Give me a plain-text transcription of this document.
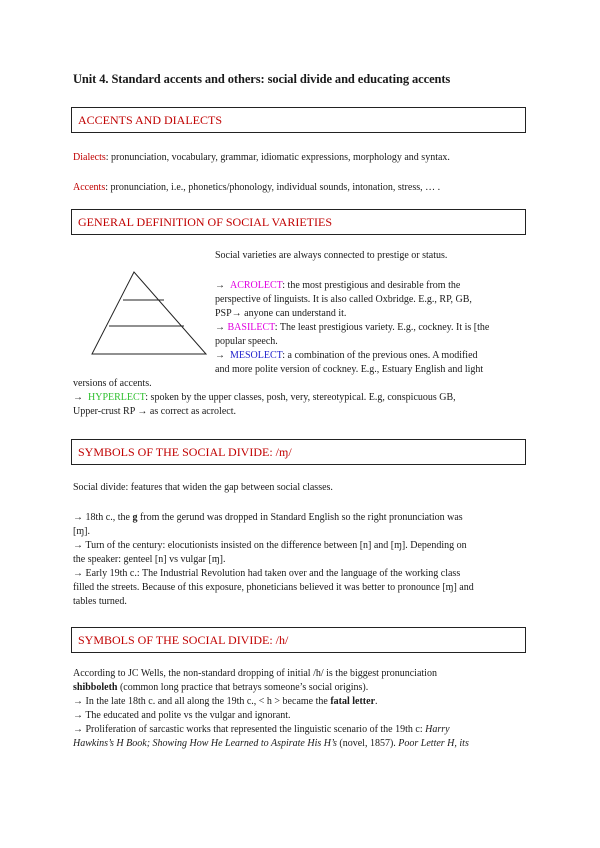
Unit 4. Standard accents and others: social divide and educating accents
ACCENTS AND DIALECTS
Dialects: pronunciation, vocabulary, grammar, idiomatic expressions, morphology and syntax.
Accents: pronunciation, i.e., phonetics/phonology, individual sounds, intonation, stress, … .
GENERAL DEFINITION OF SOCIAL VARIETIES
Social varieties are always connected to prestige or status.
→ ACROLECT: the most prestigious and desirable from the
perspective of linguists. It is also called Oxbridge. E.g., RP, GB,
PSP→ anyone can understand it.
→ BASILECT: The least prestigious variety. E.g., cockney. It is [the
popular speech.
→ MESOLECT: a combination of the previous ones. A modified
and more polite version of cockney. E.g., Estuary English and light
versions of accents.
→ HYPERLECT: spoken by the upper classes, posh, very, stereotypical. E.g, conspicuous GB,
Upper-crust RP → as correct as acrolect.
SYMBOLS OF THE SOCIAL DIVIDE: /ɱ/
Social divide: features that widen the gap between social classes.
→ 18th c., the g from the gerund was dropped in Standard English so the right pronunciation was
[ɱ].
→ Turn of the century: elocutionists insisted on the difference between [n] and [ɱ]. Depending on
the speaker: genteel [n] vs vulgar [ɱ].
→ Early 19th c.: The Industrial Revolution had taken over and the language of the working class
filled the streets. Because of this exposure, phoneticians believed it was better to pronounce [ɱ] and
tables turned.
SYMBOLS OF THE SOCIAL DIVIDE: /h/
According to JC Wells, the non-standard dropping of initial /h/ is the biggest pronunciation
shibboleth (common long practice that betrays someone’s social origins).
→ In the late 18th c. and all along the 19th c., < h > became the fatal letter.
→ The educated and polite vs the vulgar and ignorant.
→ Proliferation of sarcastic works that represented the linguistic scenario of the 19th c: Harry
Hawkins’s H Book; Showing How He Learned to Aspirate His H’s (novel, 1857). Poor Letter H, its
